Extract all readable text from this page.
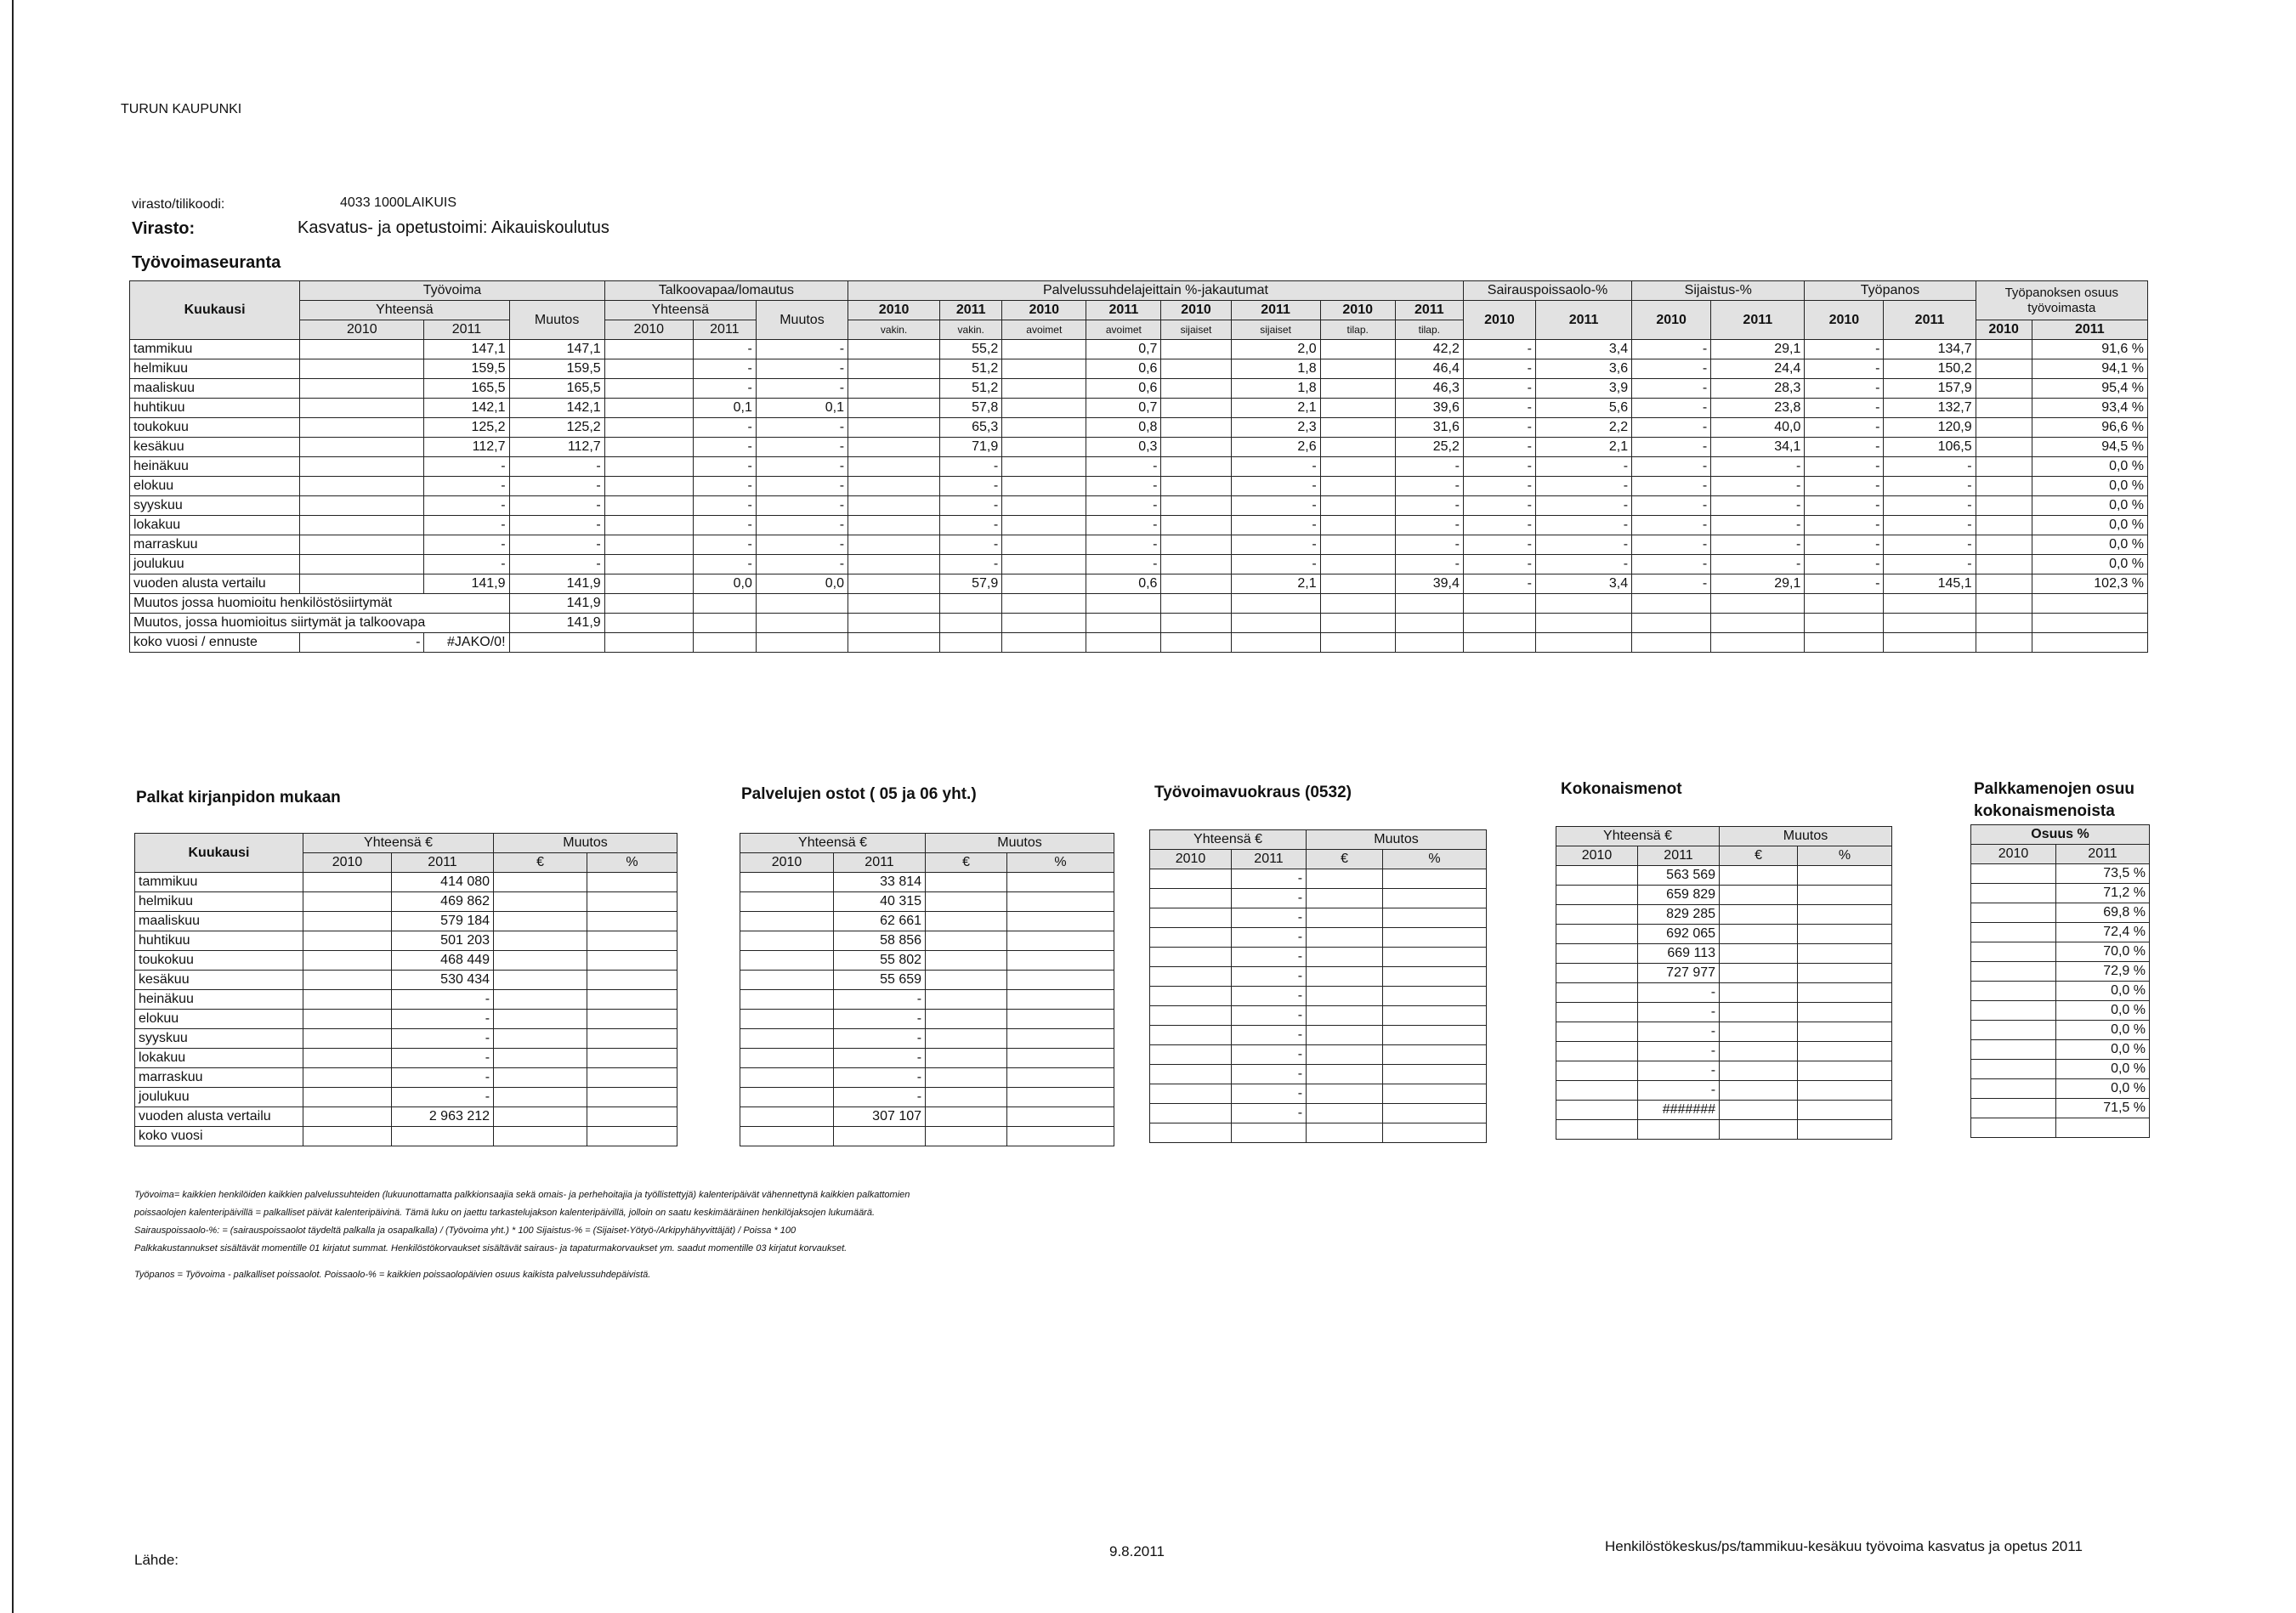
TURUN KAUPUNKI
virasto/tilikoodi:	4033 1000LAIKUIS
Virasto:	Kasvatus- ja opetustoimi: Aikauiskoulutus
Työvoimaseuranta
Kuukausi	Työvoima			Talkoovapaa/lomautus			Palvelussuhdelajeittain %-jakautumat								Sairauspoissaolo-%		Sijaistus-%		Työpanos		Työpanoksen osuus työvoimasta	
	Yhteensä		Muutos	Yhteensä		Muutos	2010	2011	2010	2011	2010	2011	2010	2011	2010	2011	2010	2011	2010	2011		
	2010	2011		2010	2011		vakin.	vakin.	avoimet	avoimet	sijaiset	sijaiset	tilap.	tilap.							2010	2011
tammikuu		147,1	147,1		-	-		55,2		0,7		2,0		42,2	-	3,4	-	29,1	-	134,7		91,6 %
helmikuu		159,5	159,5		-	-		51,2		0,6		1,8		46,4	-	3,6	-	24,4	-	150,2		94,1 %
maaliskuu		165,5	165,5		-	-		51,2		0,6		1,8		46,3	-	3,9	-	28,3	-	157,9		95,4 %
huhtikuu		142,1	142,1		0,1	0,1		57,8		0,7		2,1		39,6	-	5,6	-	23,8	-	132,7		93,4 %
toukokuu		125,2	125,2		-	-		65,3		0,8		2,3		31,6	-	2,2	-	40,0	-	120,9		96,6 %
kesäkuu		112,7	112,7		-	-		71,9		0,3		2,6		25,2	-	2,1	-	34,1	-	106,5		94,5 %
heinäkuu		-	-		-	-		-		-		-		-	-	-	-	-	-	-		0,0 %
elokuu		-	-		-	-		-		-		-		-	-	-	-	-	-	-		0,0 %
syyskuu		-	-		-	-		-		-		-		-	-	-	-	-	-	-		0,0 %
lokakuu		-	-		-	-		-		-		-		-	-	-	-	-	-	-		0,0 %
marraskuu		-	-		-	-		-		-		-		-	-	-	-	-	-	-		0,0 %
joulukuu		-	-		-	-		-		-		-		-	-	-	-	-	-	-		0,0 %
vuoden alusta vertailu		141,9	141,9		0,0	0,0		57,9		0,6		2,1		39,4	-	3,4	-	29,1	-	145,1		102,3 %
Muutos jossa huomioitu henkilöstösiirtymät			141,9																			
Muutos, jossa huomioitus siirtymät ja talkoovapa			141,9																			
koko vuosi / ennuste	-	#JAKO/0!																				
Palkat kirjanpidon mukaan
Kuukausi	Yhteensä €		Muutos	
	2010	2011	€	%
tammikuu		414 080		
helmikuu		469 862		
maaliskuu		579 184		
huhtikuu		501 203		
toukokuu		468 449		
kesäkuu		530 434		
heinäkuu		-		
elokuu		-		
syyskuu		-		
lokakuu		-		
marraskuu		-		
joulukuu		-		
vuoden alusta vertailu		2 963 212		
koko vuosi				
Palvelujen ostot ( 05 ja 06 yht.)
Yhteensä €		Muutos	
2010	2011	€	%
	33 814		
	40 315		
	62 661		
	58 856		
	55 802		
	55 659		
	-		
	-		
	-		
	-		
	-		
	-		
	307 107		

Työvoimavuokraus (0532)
Yhteensä €		Muutos	
2010	2011	€	%
	-		
	-		
	-		
	-		
	-		
	-		
	-		
	-		
	-		
	-		
	-		
	-		
	-		

Kokonaismenot
Yhteensä €		Muutos	
2010	2011	€	%
	563 569		
	659 829		
	829 285		
	692 065		
	669 113		
	727 977		
	-		
	-		
	-		
	-		
	-		
	-		
	#######		

Palkkamenojen osuu
kokonaismenoista
Osuus %	
2010	2011
	73,5 %
	71,2 %
	69,8 %
	72,4 %
	70,0 %
	72,9 %
	0,0 %
	0,0 %
	0,0 %
	0,0 %
	0,0 %
	0,0 %
	71,5 %

Työvoima= kaikkien henkilöiden kaikkien palvelussuhteiden (lukuunottamatta palkkionsaajia sekä omais- ja perhehoitajia ja työllistettyjä) kalenteripäivät vähennettynä kaikkien palkattomien
poissaolojen kalenteripäivillä = palkalliset päivät kalenteripäivinä. Tämä luku on jaettu tarkastelujakson kalenteripäivillä, jolloin on saatu keskimääräinen henkilöjaksojen lukumäärä.
Sairauspoissaolo-%: = (sairauspoissaolot täydeltä palkalla ja osapalkalla) / (Työvoima yht.) * 100 Sijaistus-% = (Sijaiset-Yötyö-/Arkipyhähyvittäjät) / Poissa * 100
Palkkakustannukset sisältävät momentille 01 kirjatut summat. Henkilöstökorvaukset sisältävät sairaus- ja tapaturmakorvaukset ym. saadut momentille 03 kirjatut korvaukset.
Työpanos = Työvoima - palkalliset poissaolot. Poissaolo-% = kaikkien poissaolopäivien osuus kaikista palvelussuhdepäivistä.
Lähde:
9.8.2011	Henkilöstökeskus/ps/tammikuu-kesäkuu työvoima kasvatus ja opetus 2011
